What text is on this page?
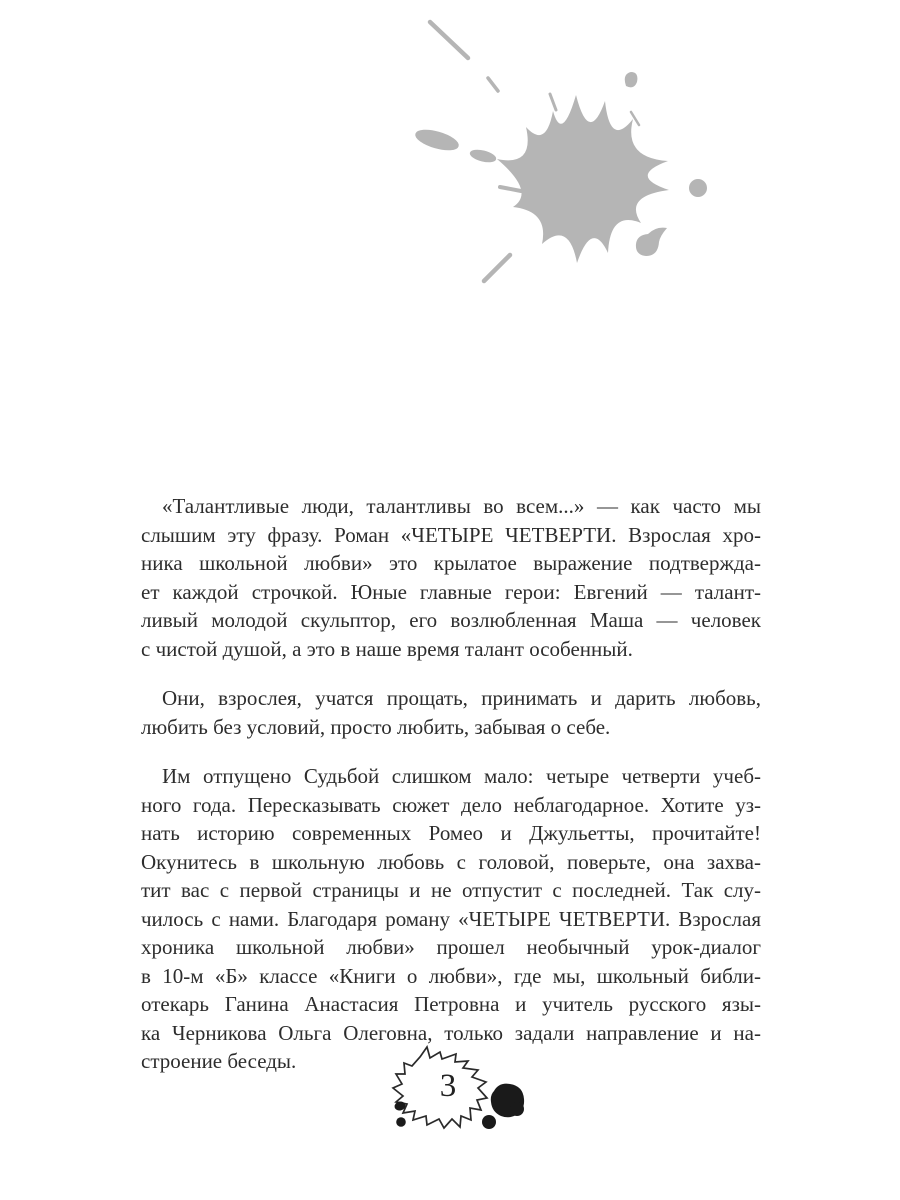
«Талантливые люди, талантливы во всем...» — как часто мы
слышим эту фразу. Роман «ЧЕТЫРЕ ЧЕТВЕРТИ. Взрослая хро-
ника школьной любви» это крылатое выражение подтвержда-
ет каждой строчкой. Юные главные герои: Евгений — талант-
ливый молодой скульптор, его возлюбленная Маша — человек
с чистой душой, а это в наше время талант особенный.

Они, взрослея, учатся прощать, принимать и дарить любовь,
любить без условий, просто любить, забывая о себе.

Им отпущено Судьбой слишком мало: четыре четверти учеб-
ного года. Пересказывать сюжет дело неблагодарное. Хотите уз-
нать историю современных Ромео и Джульетты, прочитайте!
Окунитесь в школьную любовь с головой, поверьте, она захва-
тит вас с первой страницы и не отпустит с последней. Так слу-
чилось с нами. Благодаря роману «ЧЕТЫРЕ ЧЕТВЕРТИ. Взрослая
хроника школьной любви» прошел необычный урок-диалог
в 10-м «Б» классе «Книги о любви», где мы, школьный библи-
отекарь Ганина Анастасия Петровна и учитель русского язы-
ка Черникова Ольга Олеговна, только задали направление и на-
строение беседы.

3
